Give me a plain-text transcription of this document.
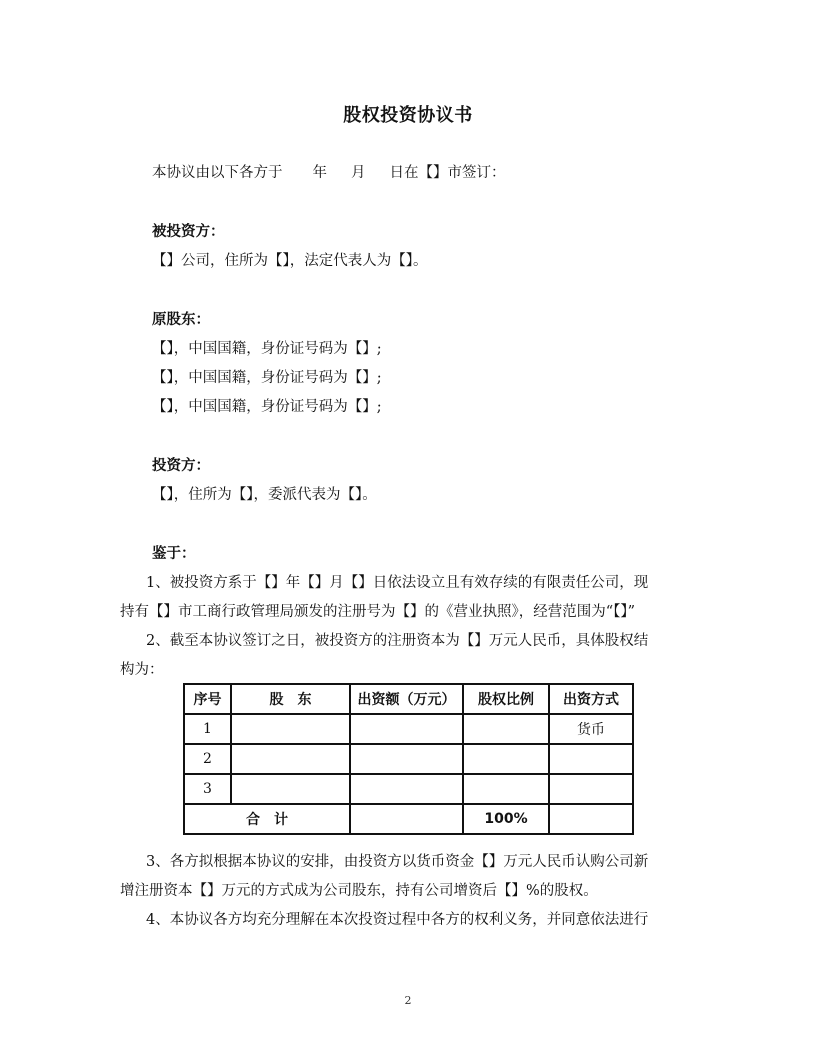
股权投资协议书
本协议由以下各方于 年 月 日在【】市签订：
被投资方：
【】公司，住所为【】，法定代表人为【】。
原股东：
【】，中国国籍，身份证号码为【】;
【】，中国国籍，身份证号码为【】;
【】，中国国籍，身份证号码为【】;
投资方：
【】，住所为【】，委派代表为【】。
鉴于：
1、被投资方系于【】年【】月【】日依法设立且有效存续的有限责任公司，现
持有【】市工商行政管理局颁发的注册号为【】的《营业执照》，经营范围为“【】”
2、截至本协议签订之日，被投资方的注册资本为【】万元人民币，具体股权结
构为：
序号	股　东	出资额（万元）	股权比例	出资方式
1				货币
2				
3				
合　计			100%	
3、各方拟根据本协议的安排，由投资方以货币资金【】万元人民币认购公司新
增注册资本【】万元的方式成为公司股东，持有公司增资后【】%的股权。
4、本协议各方均充分理解在本次投资过程中各方的权利义务，并同意依法进行
2
